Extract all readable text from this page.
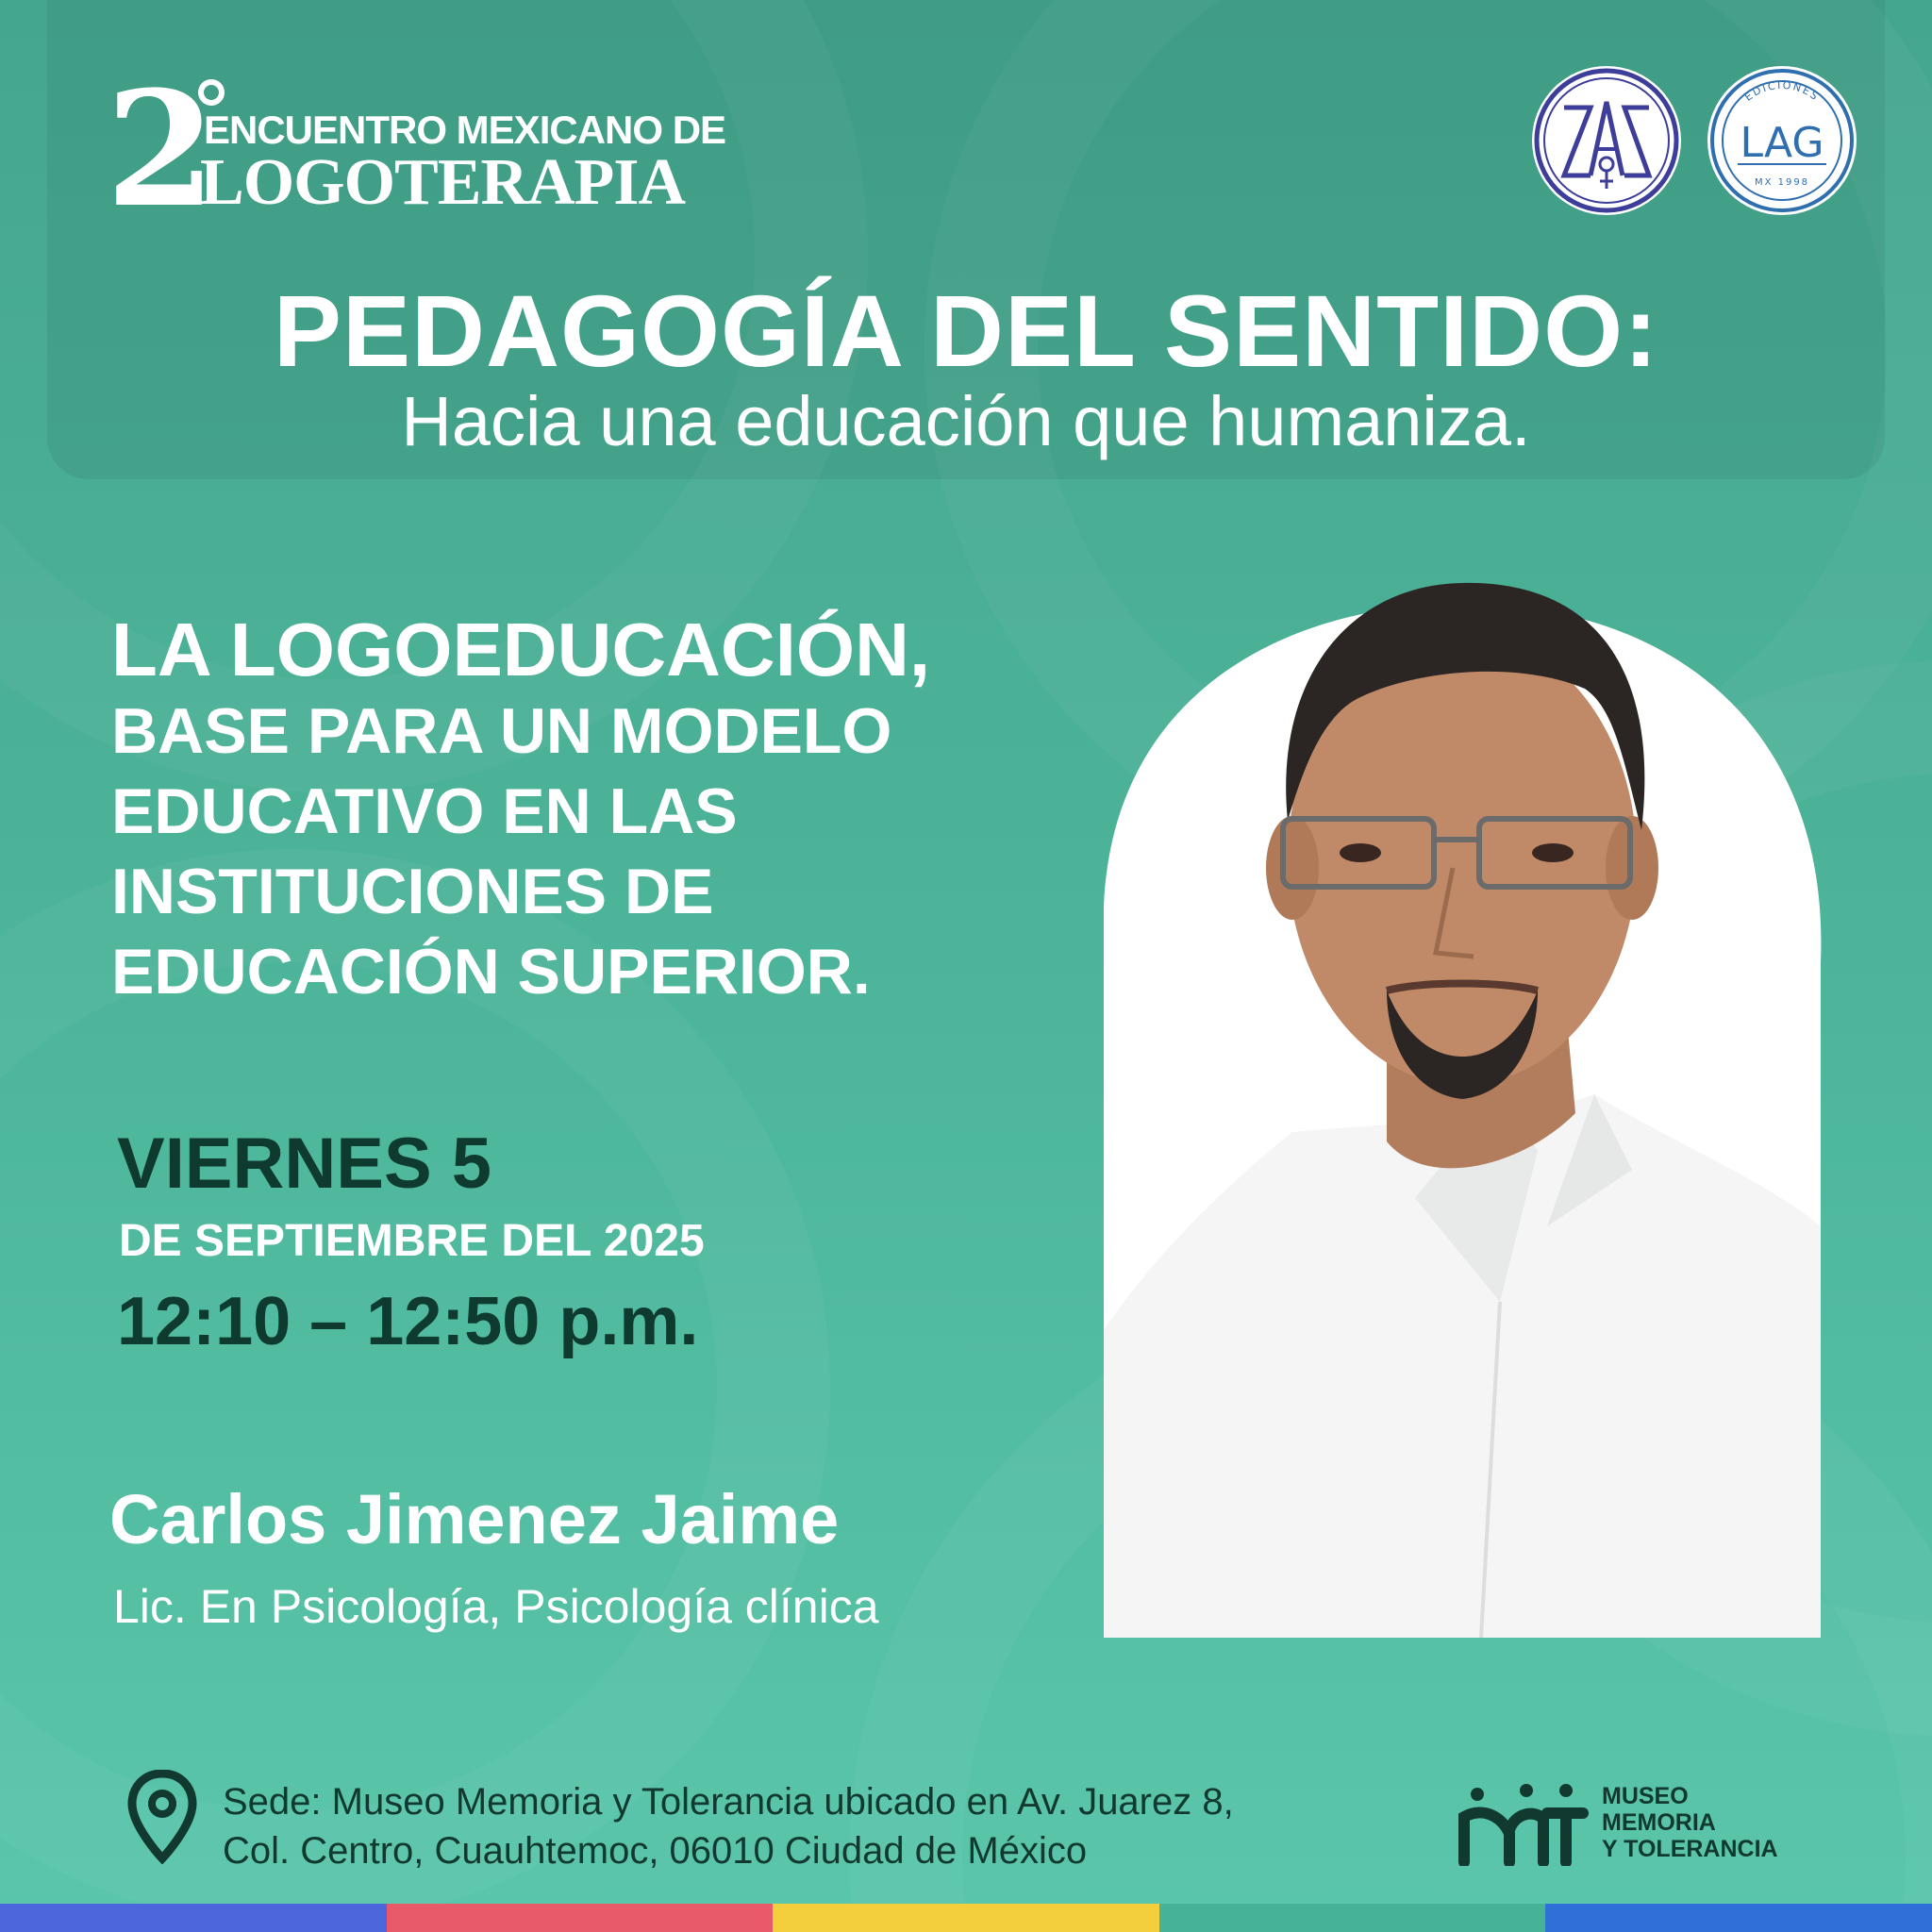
2
ENCUENTRO MEXICANO DE
LOGOTERAPIA
EDICIONES
LAG
MX 1998
PEDAGOGÍA DEL SENTIDO:
Hacia una educación que humaniza.
LA LOGOEDUCACIÓN,
BASE PARA UN MODELO
EDUCATIVO EN LAS
INSTITUCIONES DE
EDUCACIÓN SUPERIOR.
VIERNES 5
DE SEPTIEMBRE DEL 2025
12:10 – 12:50 p.m.
Carlos Jimenez Jaime
Lic. En Psicología, Psicología clínica
Sede: Museo Memoria y Tolerancia ubicado en Av. Juarez 8,
Col. Centro, Cuauhtemoc, 06010 Ciudad de México
MUSEO
MEMORIA
Y TOLERANCIA
